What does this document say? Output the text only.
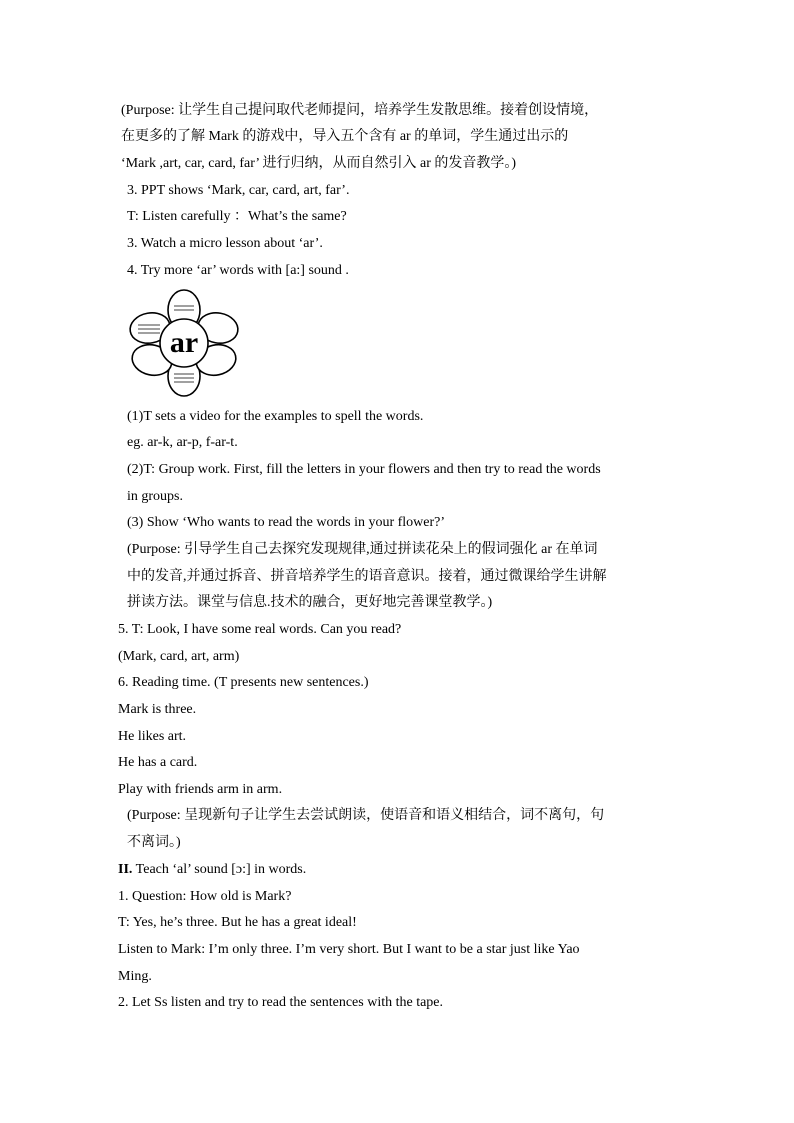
(Purpose: 让学生自己提问取代老师提问，培养学生发散思维。接着创设情境，
在更多的了解 Mark 的游戏中，导入五个含有 ar 的单词，学生通过出示的
‘Mark ,art, car, card, far’ 进行归纳，从而自然引入 ar 的发音教学。)
3. PPT shows ‘Mark, car, card, art, far’.
T: Listen carefully ：What’s the same?
3. Watch a micro lesson about ‘ar’.
4. Try more ‘ar’ words with [a:] sound .
ar
(1)T sets a video for the examples to spell the words.
eg. ar-k, ar-p, f-ar-t.
(2)T: Group work. First, fill the letters in your flowers and then try to read the words
in groups.
(3) Show ‘Who wants to read the words in your flower?’
(Purpose: 引导学生自己去探究发现规律,通过拼读花朵上的假词强化 ar 在单词
中的发音,并通过拆音、拼音培养学生的语音意识。接着，通过微课给学生讲解
拼读方法。课堂与信息.技术的融合，更好地完善课堂教学。)
5. T: Look, I have some real words. Can you read?
(Mark, card, art, arm)
6. Reading time. (T presents new sentences.)
Mark is three.
He likes art.
He has a card.
Play with friends arm in arm.
(Purpose: 呈现新句子让学生去尝试朗读，使语音和语义相结合，词不离句，句
不离词。)
II. Teach ‘al’ sound [ɔ:] in words.
1. Question: How old is Mark?
T: Yes, he’s three. But he has a great ideal!
Listen to Mark: I’m only three. I’m very short. But I want to be a star just like Yao
Ming.
2. Let Ss listen and try to read the sentences with the tape.
